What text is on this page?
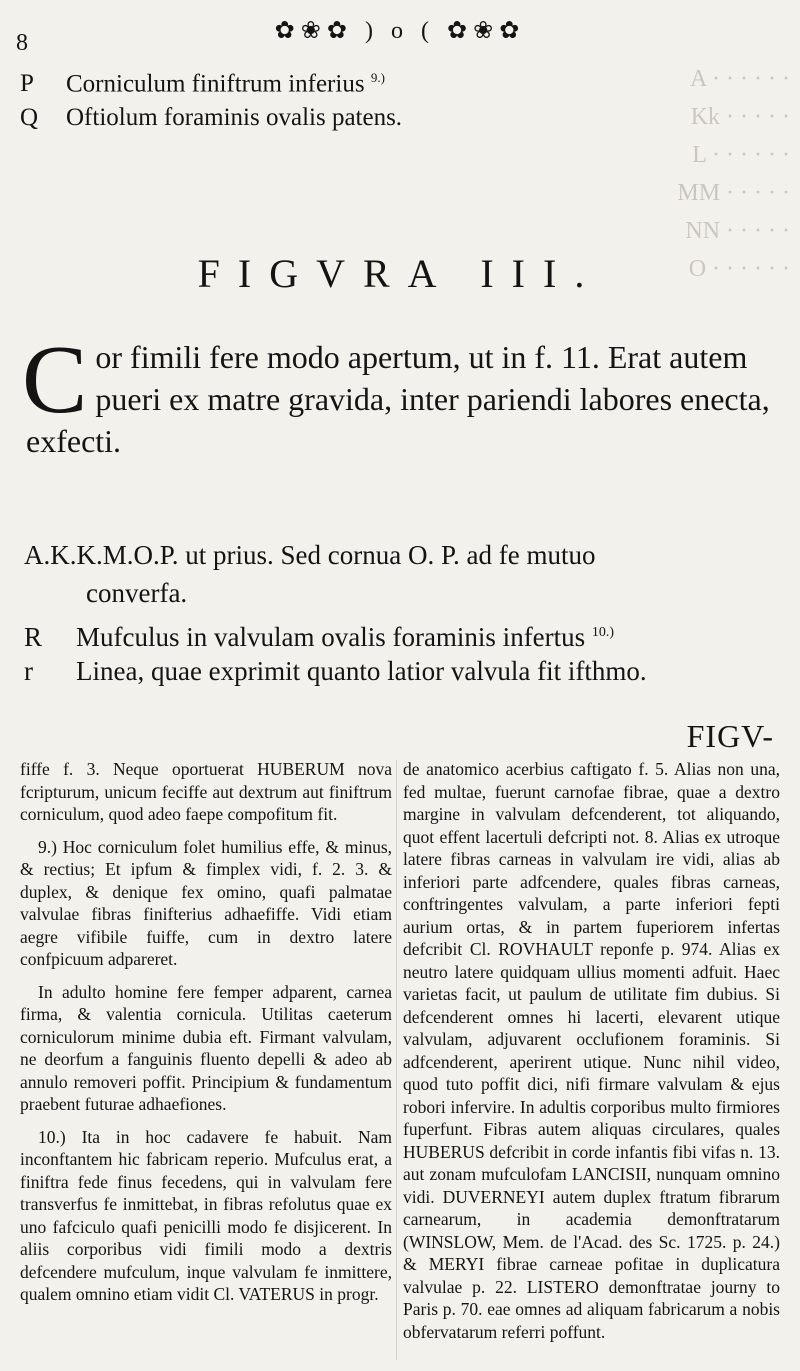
A · · · · · ·
Kk · · · · ·
L · · · · · ·
MM · · · · ·
NN · · · · ·
O · · · · · ·
8	✿❀✿ ) o ( ✿❀✿
P Corniculum finiftrum inferius $^{9.)}$
Q Oftiolum foraminis ovalis patens.
FIGVRA III.
C or fimili fere modo apertum, ut in f. 11. Erat autem pueri ex matre gravida, inter pariendi labores enecta, exfecti.
A.K.K.M.O.P. ut prius. Sed cornua O. P. ad fe mutuo
converfa.
R Mufculus in valvulam ovalis foraminis infertus $^{10.)}$
r Linea, quae exprimit quanto latior valvula fit ifthmo.
FIGV-

fiffe f. 3. Neque oportuerat HUBERUM nova fcripturum, unicum feciffe aut dextrum aut finiftrum corniculum, quod adeo faepe compofitum fit.

9.) Hoc corniculum folet humilius effe, & minus, & rectius; Et ipfum & fimplex vidi, f. 2. 3. & duplex, & denique fex omino, quafi palmatae valvulae fibras finifterius adhaefiffe. Vidi etiam aegre vifibile fuiffe, cum in dextro latere confpicuum adpareret.

In adulto homine fere femper adparent, carnea firma, & valentia cornicula. Utilitas caeterum corniculorum minime dubia eft. Firmant valvulam, ne deorfum a fanguinis fluento depelli & adeo ab annulo removeri poffit. Principium & fundamentum praebent futurae adhaefiones.

10.) Ita in hoc cadavere fe habuit. Nam inconftantem hic fabricam reperio. Mufculus erat, a finiftra fede finus fecedens, qui in valvulam fere transverfus fe inmittebat, in fibras refolutus quae ex uno fafciculo quafi penicilli modo fe disjicerent. In aliis corporibus vidi fimili modo a dextris defcendere mufculum, inque valvulam fe inmittere, qualem omnino etiam vidit Cl. VATERUS in progr.

de anatomico acerbius caftigato f. 5. Alias non una, fed multae, fuerunt carnofae fibrae, quae a dextro margine in valvulam defcenderent, tot aliquando, quot effent lacertuli defcripti not. 8. Alias ex utroque latere fibras carneas in valvulam ire vidi, alias ab inferiori parte adfcendere, quales fibras carneas, conftringentes valvulam, a parte inferiori fepti aurium ortas, & in partem fuperiorem infertas defcribit Cl. ROVHAULT reponfe p. 974. Alias ex neutro latere quidquam ullius momenti adfuit. Haec varietas facit, ut paulum de utilitate fim dubius. Si defcenderent omnes hi lacerti, elevarent utique valvulam, adjuvarent occlufionem foraminis. Si adfcenderent, aperirent utique. Nunc nihil video, quod tuto poffit dici, nifi firmare valvulam & ejus robori infervire. In adultis corporibus multo firmiores fuperfunt. Fibras autem aliquas circulares, quales HUBERUS defcribit in corde infantis fibi vifas n. 13. aut zonam mufculofam LANCISII, nunquam omnino vidi. DUVERNEYI autem duplex ftratum fibrarum carnearum, in academia demonftratarum (WINSLOW, Mem. de l'Acad. des Sc. 1725. p. 24.) & MERYI fibrae carneae pofitae in duplicatura valvulae p. 22. LISTERO demonftratae journy to Paris p. 70. eae omnes ad aliquam fabricarum a nobis obfervatarum referri poffunt.
